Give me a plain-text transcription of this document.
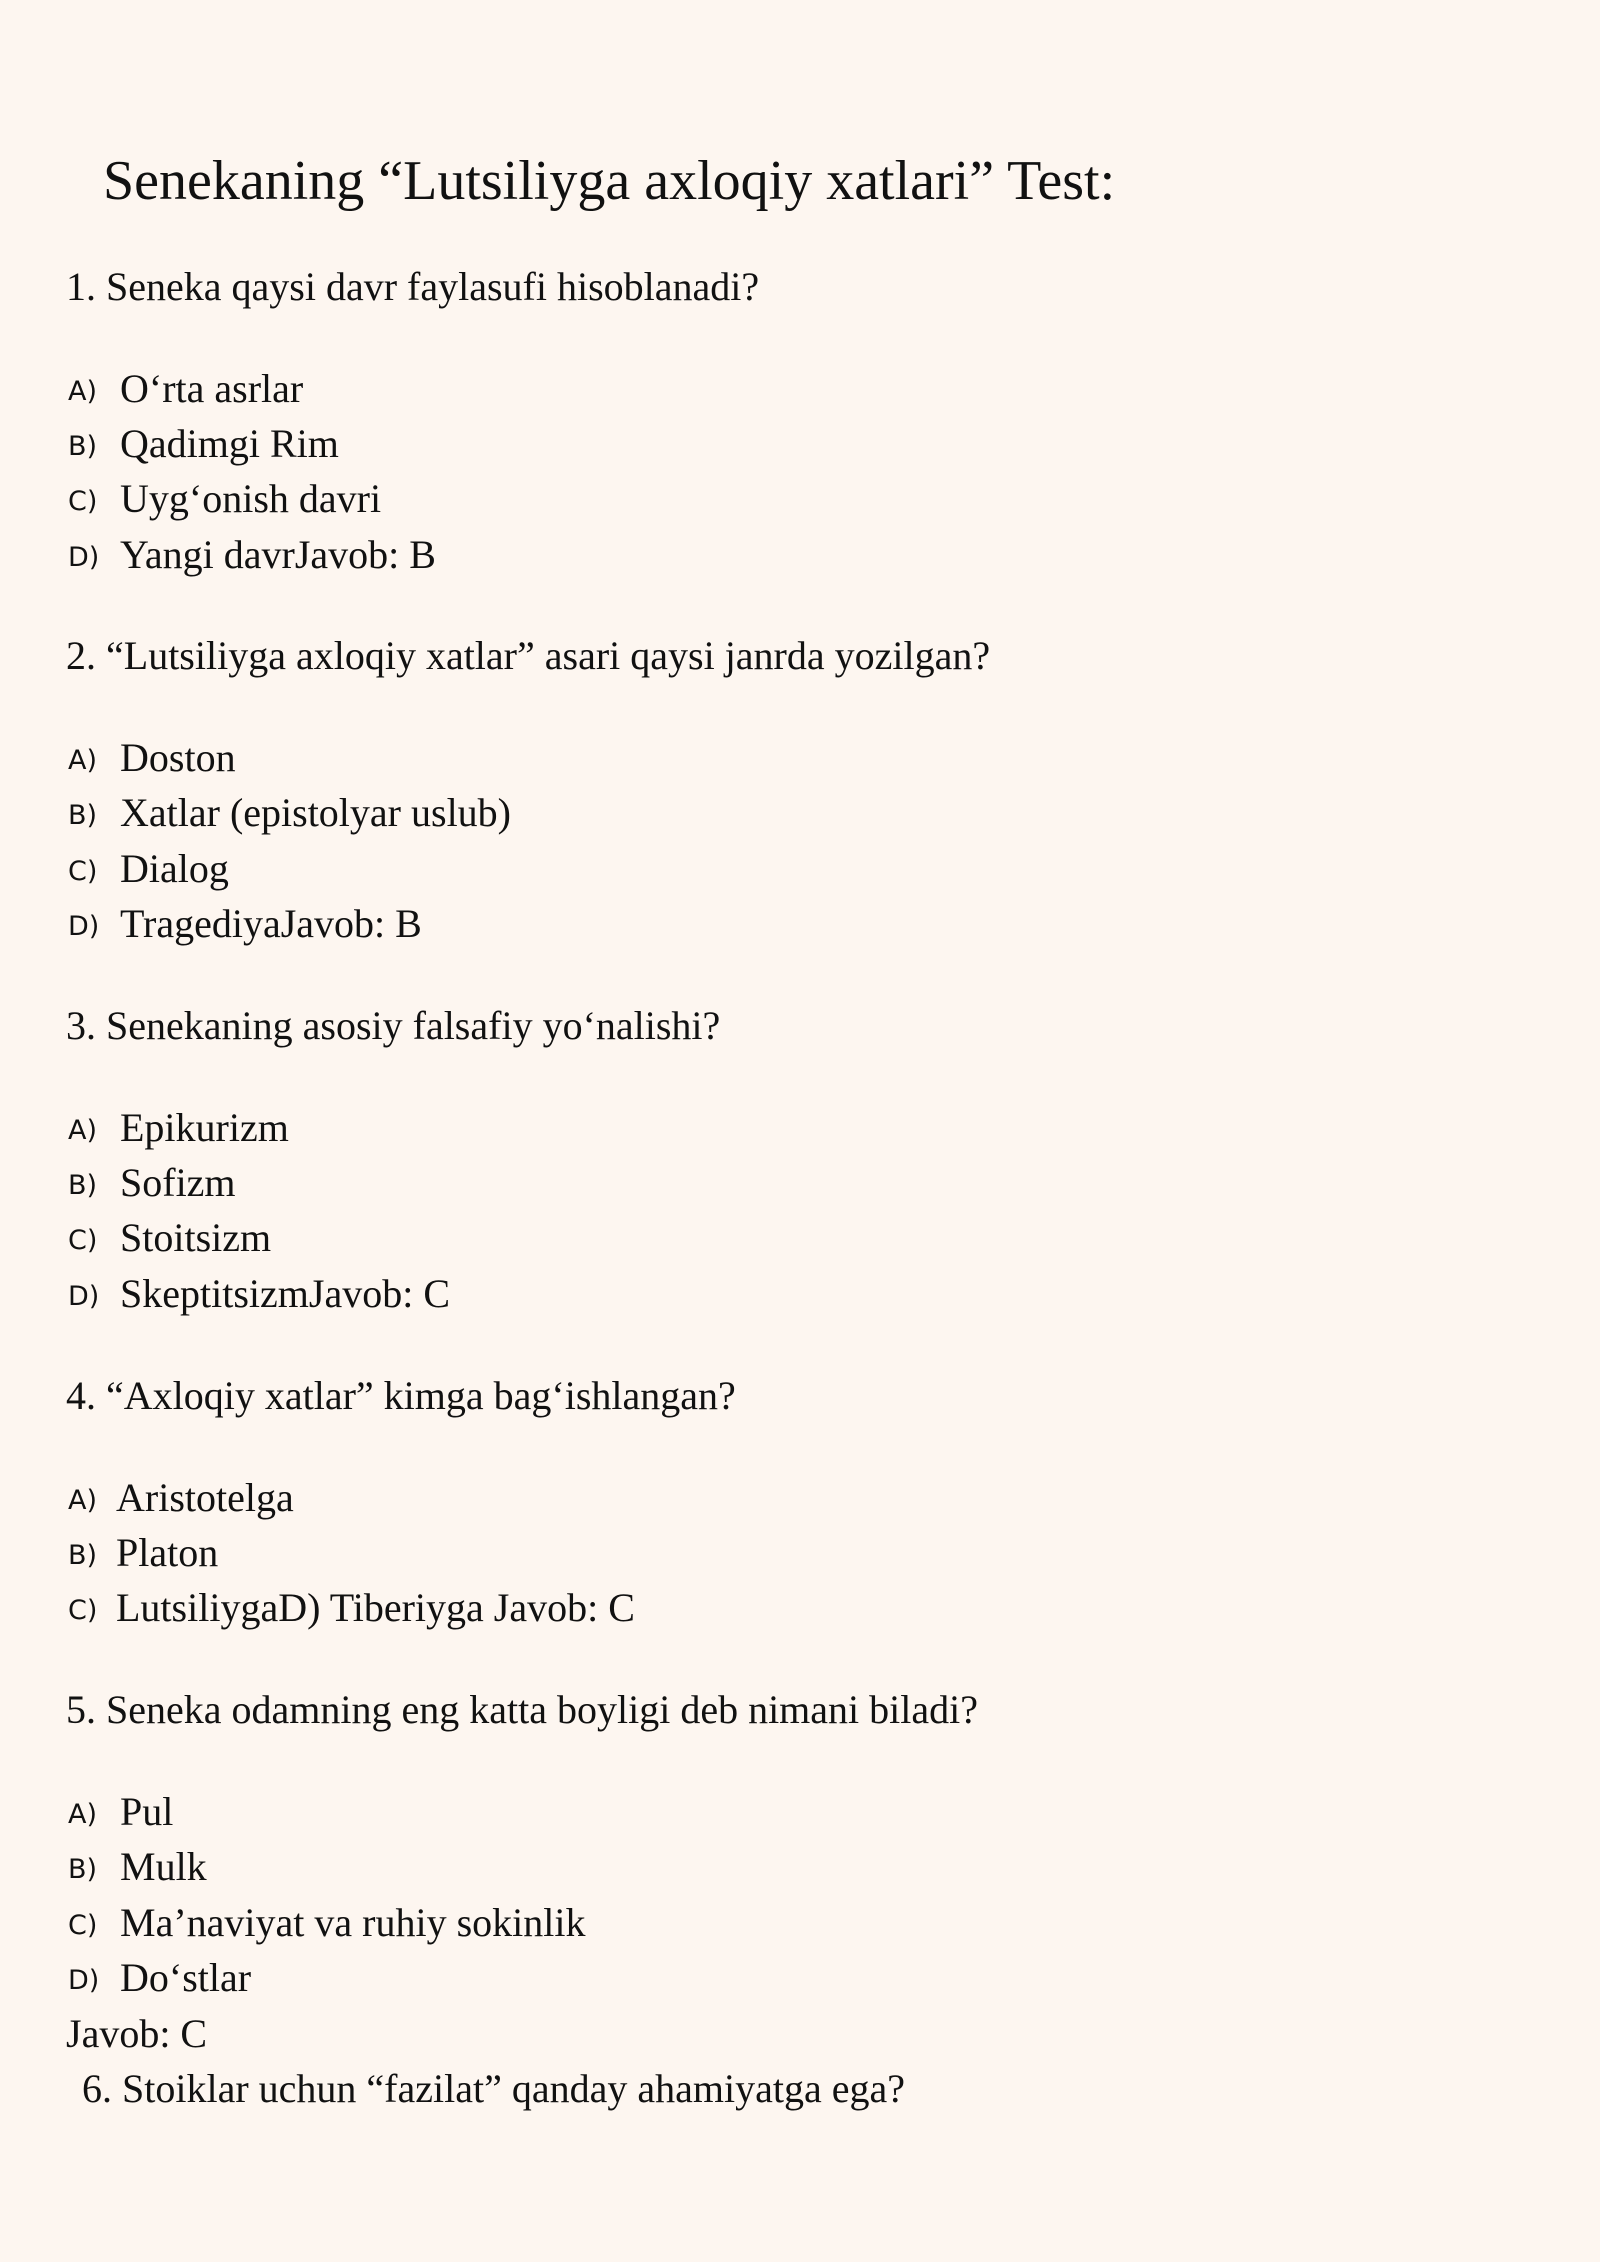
Senekaning “Lutsiliyga axloqiy xatlari” Test:

1. Seneka qaysi davr faylasufi hisoblanadi?

A) O‘rta asrlar

B) Qadimgi Rim

C) Uyg‘onish davri

D) Yangi davrJavob: B

2. “Lutsiliyga axloqiy xatlar” asari qaysi janrda yozilgan?

A) Doston

B) Xatlar (epistolyar uslub)

C) Dialog

D) TragediyaJavob: B

3. Senekaning asosiy falsafiy yo‘nalishi?

A) Epikurizm

B) Sofizm

C) Stoitsizm

D) SkeptitsizmJavob: C

4. “Axloqiy xatlar” kimga bag‘ishlangan?

A) Aristotelga

B) Platon

C) LutsiliygaD) Tiberiyga Javob: C

5. Seneka odamning eng katta boyligi deb nimani biladi?

A) Pul

B) Mulk

C) Ma’naviyat va ruhiy sokinlik

D) Do‘stlar

Javob: C

6. Stoiklar uchun “fazilat” qanday ahamiyatga ega?
